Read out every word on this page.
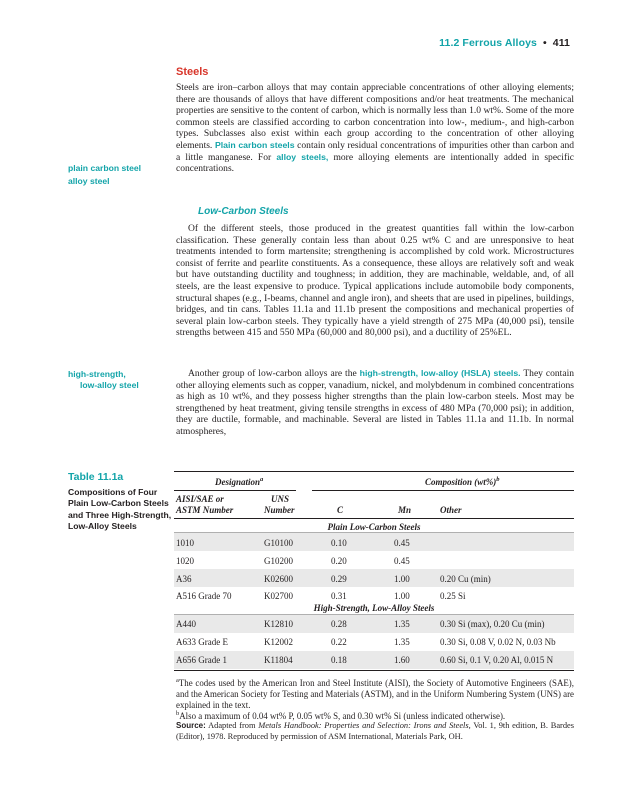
11.2 Ferrous Alloys • 411
Steels

Steels are iron–carbon alloys that may contain appreciable concentrations of other alloying elements; there are thousands of alloys that have different compositions and/or heat treatments. The mechanical properties are sensitive to the content of carbon, which is normally less than 1.0 wt%. Some of the more common steels are classified according to carbon concentration into low-, medium-, and high-carbon types. Subclasses also exist within each group according to the concentration of other alloying elements. Plain carbon steels contain only residual concentrations of impurities other than carbon and a little manganese. For alloy steels, more alloying elements are intentionally added in specific concentrations.

plain carbon steel
alloy steel
high-strength,
low-alloy steel
Low-Carbon Steels

Of the different steels, those produced in the greatest quantities fall within the low-carbon classification. These generally contain less than about 0.25 wt% C and are unresponsive to heat treatments intended to form martensite; strengthening is accomplished by cold work. Microstructures consist of ferrite and pearlite constituents. As a consequence, these alloys are relatively soft and weak but have outstanding ductility and toughness; in addition, they are machinable, weldable, and, of all steels, are the least expensive to produce. Typical applications include automobile body components, structural shapes (e.g., I-beams, channel and angle iron), and sheets that are used in pipelines, buildings, bridges, and tin cans. Tables 11.1a and 11.1b present the compositions and mechanical properties of several plain low-carbon steels. They typically have a yield strength of 275 MPa (40,000 psi), tensile strengths between 415 and 550 MPa (60,000 and 80,000 psi), and a ductility of 25%EL.

Another group of low-carbon alloys are the high-strength, low-alloy (HSLA) steels. They contain other alloying elements such as copper, vanadium, nickel, and molybdenum in combined concentrations as high as 10 wt%, and they possess higher strengths than the plain low-carbon steels. Most may be strengthened by heat treatment, giving tensile strengths in excess of 480 MPa (70,000 psi); in addition, they are ductile, formable, and machinable. Several are listed in Tables 11.1a and 11.1b. In normal atmospheres,

Table 11.1a
Compositions of Four Plain Low-Carbon Steels and Three High-Strength, Low-Alloy Steels
Designation$^a$	Composition $(wt\%)^b$
AISI/SAE or
ASTM Number
UNS
Number	C	Mn	Other
Plain Low-Carbon Steels
1010	G10100	0.10	0.45
1020	G10200	0.20	0.45
A36	K02600	0.29	1.00	0.20 Cu (min)
A516 Grade 70	K02700	0.31	1.00	0.25 Si
High-Strength, Low-Alloy Steels
A440	K12810	0.28	1.35	0.30 Si (max), 0.20 Cu (min)
A633 Grade E	K12002	0.22	1.35	0.30 Si, 0.08 V, 0.02 N, 0.03 Nb
A656 Grade 1	K11804	0.18	1.60	0.60 Si, 0.1 V, 0.20 Al, 0.015 N

$^a$The codes used by the American Iron and Steel Institute (AISI), the Society of Automotive Engineers (SAE), and the American Society for Testing and Materials (ASTM), and in the Uniform Numbering System (UNS) are explained in the text.

$^b$Also a maximum of 0.04 wt% P, 0.05 wt% S, and 0.30 wt% Si (unless indicated otherwise).

Source: Adapted from Metals Handbook: Properties and Selection: Irons and Steels, Vol. 1, 9th edition, B. Bardes (Editor), 1978. Reproduced by permission of ASM International, Materials Park, OH.
